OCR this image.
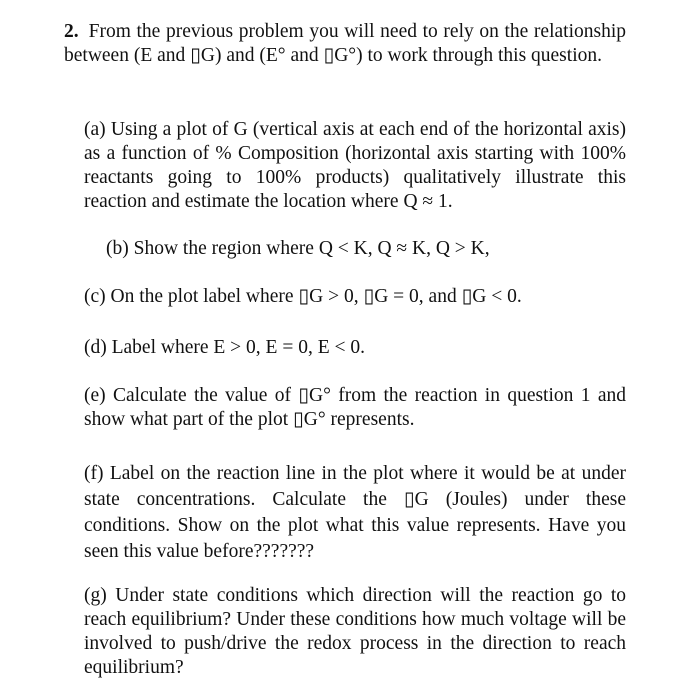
2. From the previous problem you will need to rely on the relationship between (E and ▯G) and (E° and ▯G°) to work through this question.

(a) Using a plot of G (vertical axis at each end of the horizontal axis) as a function of % Composition (horizontal axis starting with 100% reactants going to 100% products) qualitatively illustrate this reaction and estimate the location where Q ≈ 1.

(b) Show the region where Q < K, Q ≈ K, Q > K,

(c) On the plot label where ▯G > 0, ▯G = 0, and ▯G < 0.

(d) Label where E > 0, E = 0, E < 0.

(e) Calculate the value of ▯G° from the reaction in question 1 and show what part of the plot ▯G° represents.

(f) Label on the reaction line in the plot where it would be at under state concentrations. Calculate the ▯G (Joules) under these conditions. Show on the plot what this value represents. Have you seen this value before???????

(g) Under state conditions which direction will the reaction go to reach equilibrium? Under these conditions how much voltage will be involved to push/drive the redox process in the direction to reach equilibrium?
